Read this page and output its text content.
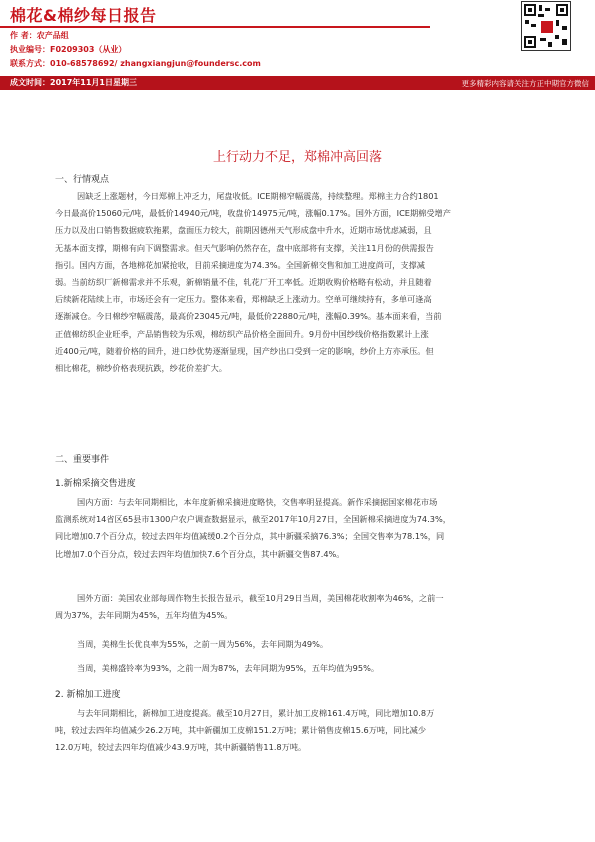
棉花&棉纱每日报告
作 者：农产品组
执业编号：F0209303（从业）
联系方式：010-68578692/ zhangxiangjun@foundersc.com
成文时间：2017年11月1日星期三	更多精彩内容请关注方正中期官方微信
上行动力不足，郑棉冲高回落
一、行情观点
因缺乏上涨题材，今日郑棉上冲乏力，尾盘收低。ICE期棉窄幅震荡，持续整理。郑棉主力合约1801
今日最高价15060元/吨，最低价14940元/吨，收盘价14975元/吨，涨幅0.17%。国外方面，ICE期棉受增产
压力以及出口销售数据疲软拖累，盘面压力较大，前期因德州天气形成盘中升水，近期市场忧虑减弱，且
无基本面支撑，期棉有向下调整需求。但天气影响仍然存在，盘中底部将有支撑，关注11月份的供需报告
指引。国内方面，各地棉花加紧抢收，目前采摘进度为74.3%。全国新棉交售和加工进度尚可，支撑减
弱。当前纺织厂新棉需求并不乐观，新棉销量不佳，轧花厂开工率低。近期收购价格略有松动，并且随着
后续新花陆续上市，市场还会有一定压力。整体来看，郑棉缺乏上涨动力。空单可继续持有，多单可逢高
逐渐减仓。今日棉纱窄幅震荡，最高价23045元/吨，最低价22880元/吨，涨幅0.39%。基本面来看，当前
正值棉纺织企业旺季，产品销售较为乐观，棉纺织产品价格全面回升。9月份中国纱线价格指数累计上涨
近400元/吨，随着价格的回升，进口纱优势逐渐显现，国产纱出口受到一定的影响，纱价上方亦承压。但
相比棉花，棉纱价格表现抗跌，纱花价差扩大。
二、重要事件
1.新棉采摘交售进度
国内方面：与去年同期相比，本年度新棉采摘进度略快，交售率明显提高。新作采摘据国家棉花市场
监测系统对14省区65县市1300户农户调查数据显示，截至2017年10月27日，全国新棉采摘进度为74.3%，
同比增加0.7个百分点，较过去四年均值减缓0.2个百分点，其中新疆采摘76.3%；全国交售率为78.1%，同
比增加7.0个百分点，较过去四年均值加快7.6个百分点，其中新疆交售87.4%。
国外方面：美国农业部每周作物生长报告显示，截至10月29日当周，美国棉花收割率为46%，之前一
周为37%，去年同期为45%，五年均值为45%。
当周，美棉生长优良率为55%，之前一周为56%，去年同期为49%。
当周，美棉盛铃率为93%，之前一周为87%，去年同期为95%，五年均值为95%。
2. 新棉加工进度
与去年同期相比，新棉加工进度提高。截至10月27日，累计加工皮棉161.4万吨，同比增加10.8万
吨，较过去四年均值减少26.2万吨，其中新疆加工皮棉151.2万吨；累计销售皮棉15.6万吨，同比减少
12.0万吨，较过去四年均值减少43.9万吨，其中新疆销售11.8万吨。
